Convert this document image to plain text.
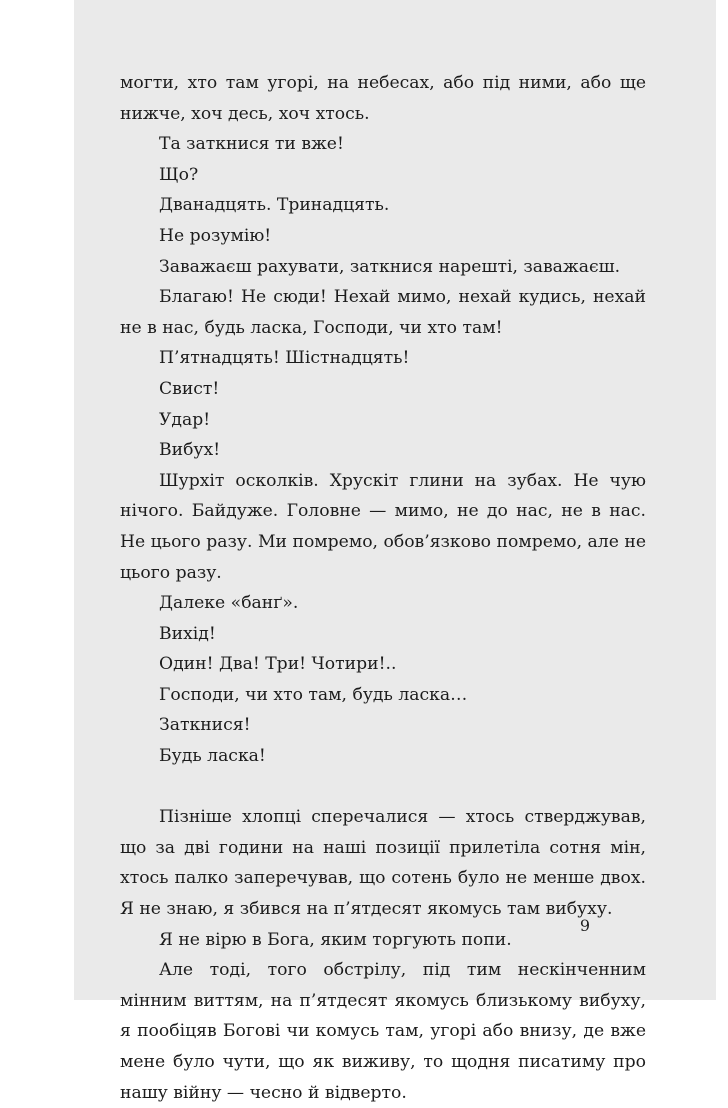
могти, хто там угорі, на небесах, або під ними, або ще нижче, хоч десь, хоч хтось.

Та заткнися ти вже!

Що?

Дванадцять. Тринадцять.

Не розумію!

Заважаєш рахувати, заткнися нарешті, заважаєш.

Благаю! Не сюди! Нехай мимо, нехай кудись, нехай не в нас, будь ласка, Господи, чи хто там!

П’ятнадцять! Шістнадцять!

Свист!

Удар!

Вибух!

Шурхіт осколків. Хрускіт глини на зубах. Не чую нічого. Байдуже. Головне — мимо, не до нас, не в нас. Не цього разу. Ми помремо, обов’язково помремо, але не цього разу.

Далеке «банґ».

Вихід!

Один! Два! Три! Чотири!..

Господи, чи хто там, будь ласка…

Заткнися!

Будь ласка!

Пізніше хлопці сперечалися — хтось стверджував, що за дві години на наші позиції прилетіла сотня мін, хтось палко заперечував, що сотень було не менше двох. Я не знаю, я збився на п’ятдесят якомусь там вибуху.

Я не вірю в Бога, яким торгують попи.

Але тоді, того обстрілу, під тим нескінченним мінним виттям, на п’ятдесят якомусь близькому вибуху, я пообіцяв Богові чи комусь там, угорі або внизу, де вже мене було чути, що як виживу, то щодня писатиму про нашу війну — чесно й відверто.

9
